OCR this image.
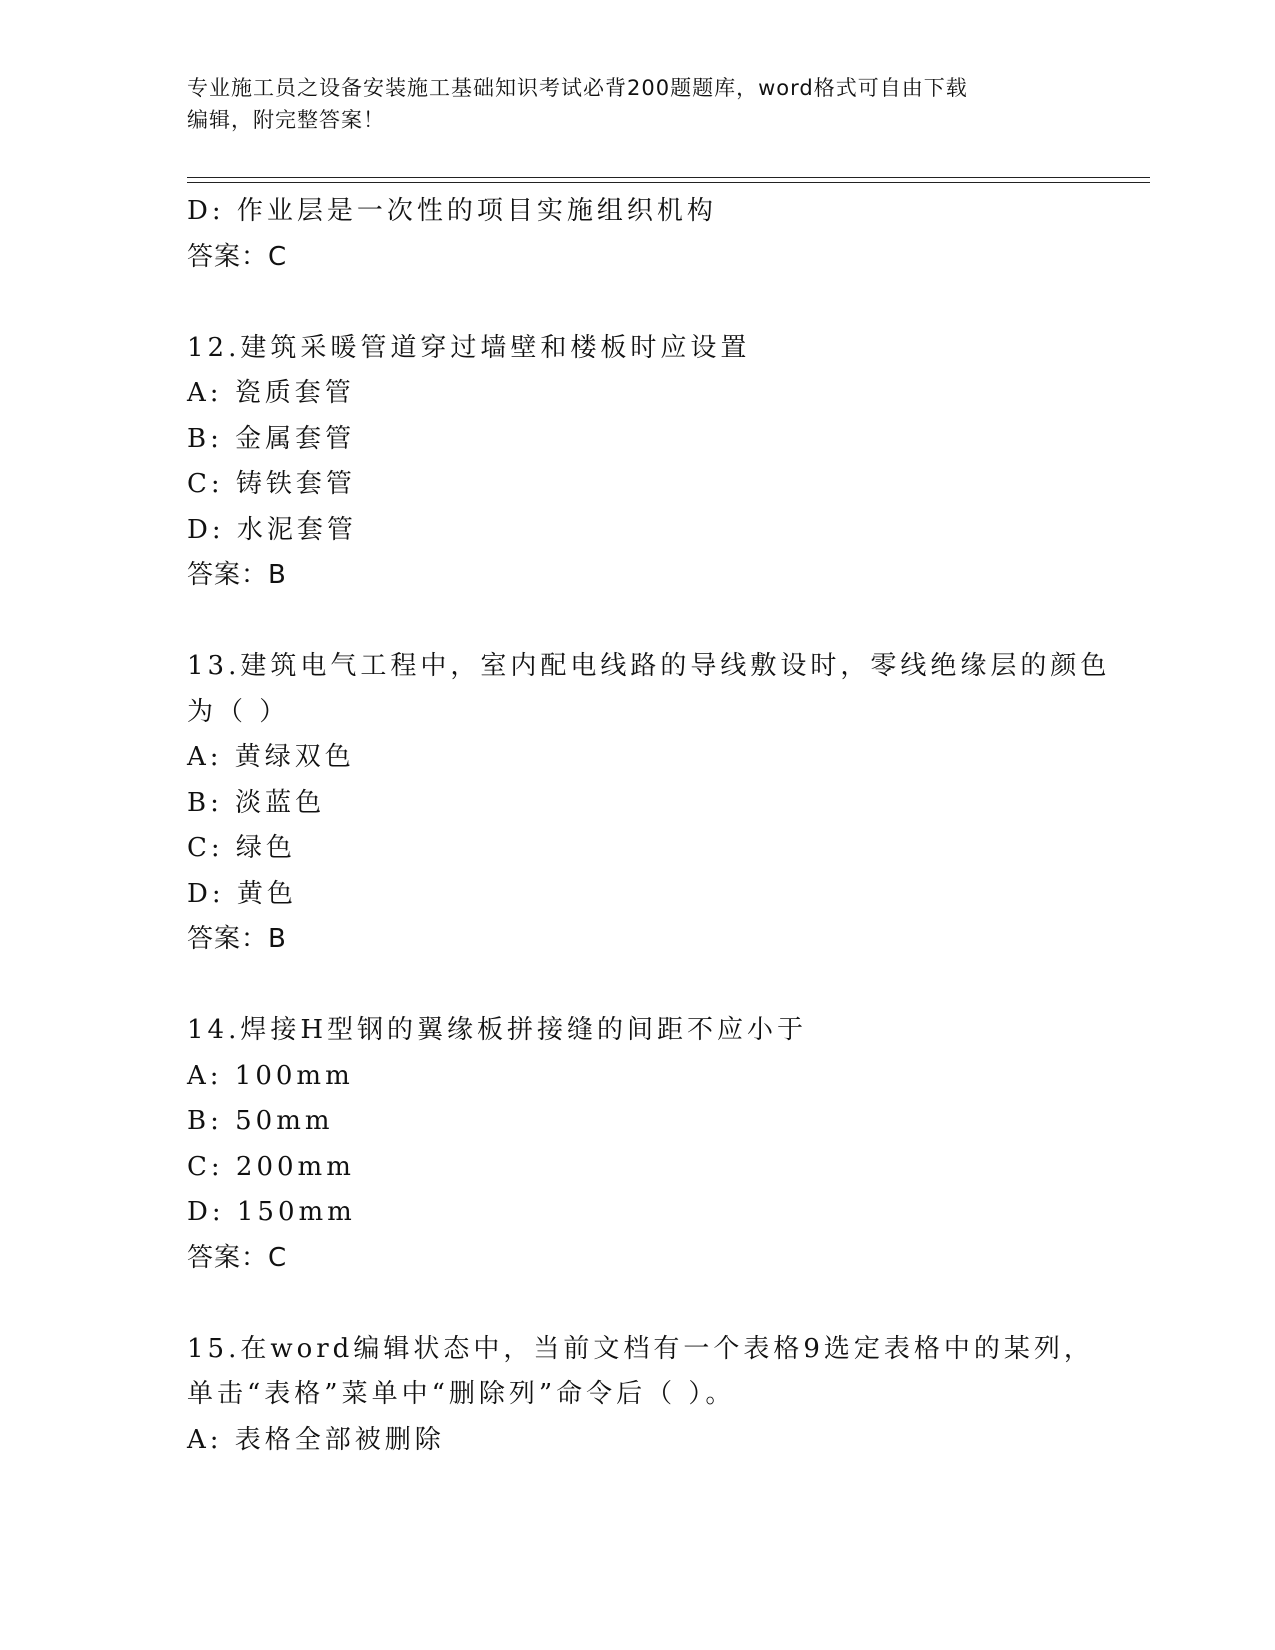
专业施工员之设备安装施工基础知识考试必背200题题库，word格式可自由下载
编辑，附完整答案！
D: 作业层是一次性的项目实施组织机构
答案：C
12.建筑采暖管道穿过墙壁和楼板时应设置
A: 瓷质套管
B: 金属套管
C: 铸铁套管
D: 水泥套管
答案：B
13.建筑电气工程中，室内配电线路的导线敷设时，零线绝缘层的颜色
为（ ）
A: 黄绿双色
B: 淡蓝色
C: 绿色
D: 黄色
答案：B
14.焊接H型钢的翼缘板拼接缝的间距不应小于
A: 100mm
B: 50mm
C: 200mm
D: 150mm
答案：C
15.在word编辑状态中，当前文档有一个表格9选定表格中的某列，
单击“表格”菜单中“删除列”命令后（ ）。
A: 表格全部被删除
